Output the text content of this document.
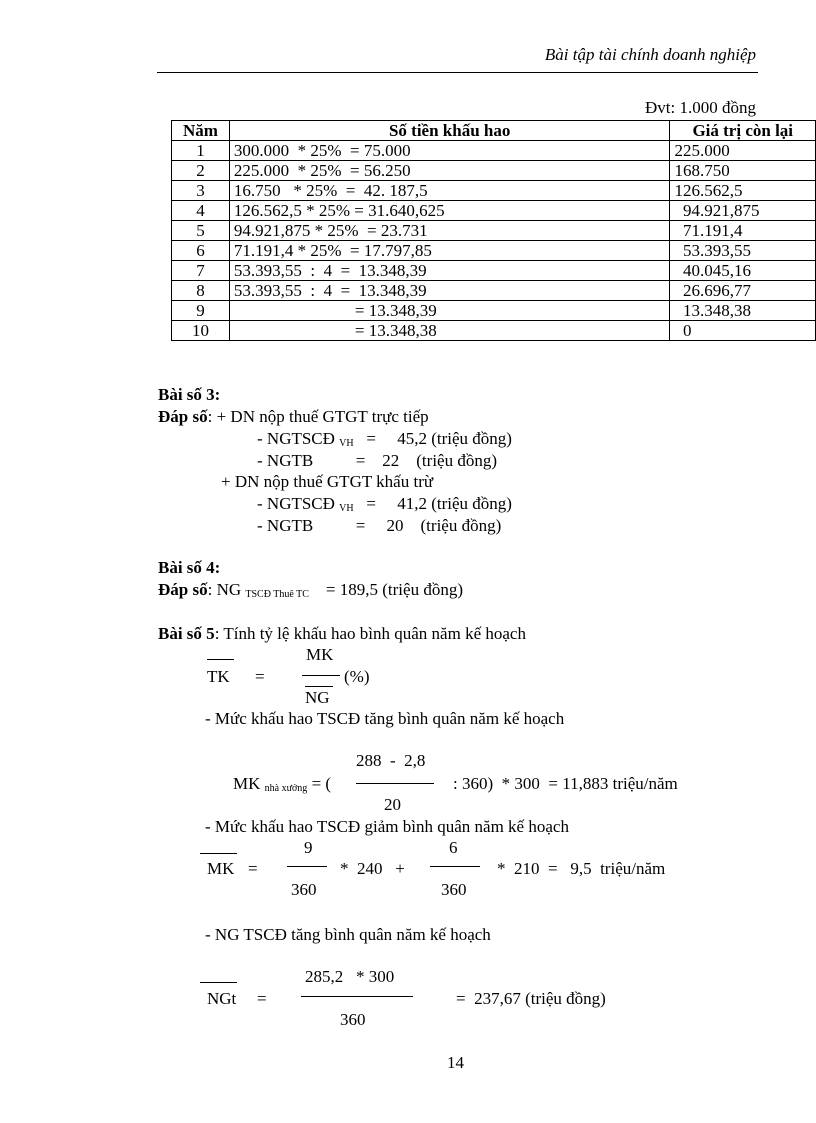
Bài tập tài chính doanh nghiệp
Đvt: 1.000 đồng
Năm	Số tiền khấu hao	Giá trị còn lại
1	300.000  * 25%  = 75.000	225.000
2	225.000  * 25%  = 56.250	168.750
3	16.750   * 25%  =  42. 187,5	126.562,5
4	126.562,5 * 25% = 31.640,625	94.921,875
5	94.921,875 * 25%  = 23.731	71.191,4
6	71.191,4 * 25%  = 17.797,85	53.393,55
7	53.393,55  :  4  =  13.348,39	40.045,16
8	53.393,55  :  4  =  13.348,39	26.696,77
9	= 13.348,39	13.348,38
10	= 13.348,38	0
Bài số 3:
Đáp số: + DN nộp thuế GTGT trực tiếp
- NGTSCĐ $_{VH}$ =     45,2 (triệu đồng)
- NGTB          =    22    (triệu đồng)
+ DN nộp thuế GTGT khấu trừ
- NGTSCĐ $_{VH}$ =     41,2 (triệu đồng)
- NGTB          =     20    (triệu đồng)
Bài số 4:
Đáp số: NG $_{TSCĐ Thuê TC}$ = 189,5 (triệu đồng)
Bài số 5: Tính tỷ lệ khấu hao bình quân năm kế hoạch
TK =
MK
NG
(%)
- Mức khấu hao TSCĐ tăng bình quân năm kế hoạch
288  -  2,8
MK $_{nhà xưởng}$ = (	: 360)  * 300  = 11,883 triệu/năm
20
- Mức khấu hao TSCĐ giảm bình quân năm kế hoạch
9	6
MK =	*  240   +	*  210  =   9,5  triệu/năm
360	360
- NG TSCĐ tăng bình quân năm kế hoạch
285,2   * 300
NGt =	=  237,67 (triệu đồng)
360
14
